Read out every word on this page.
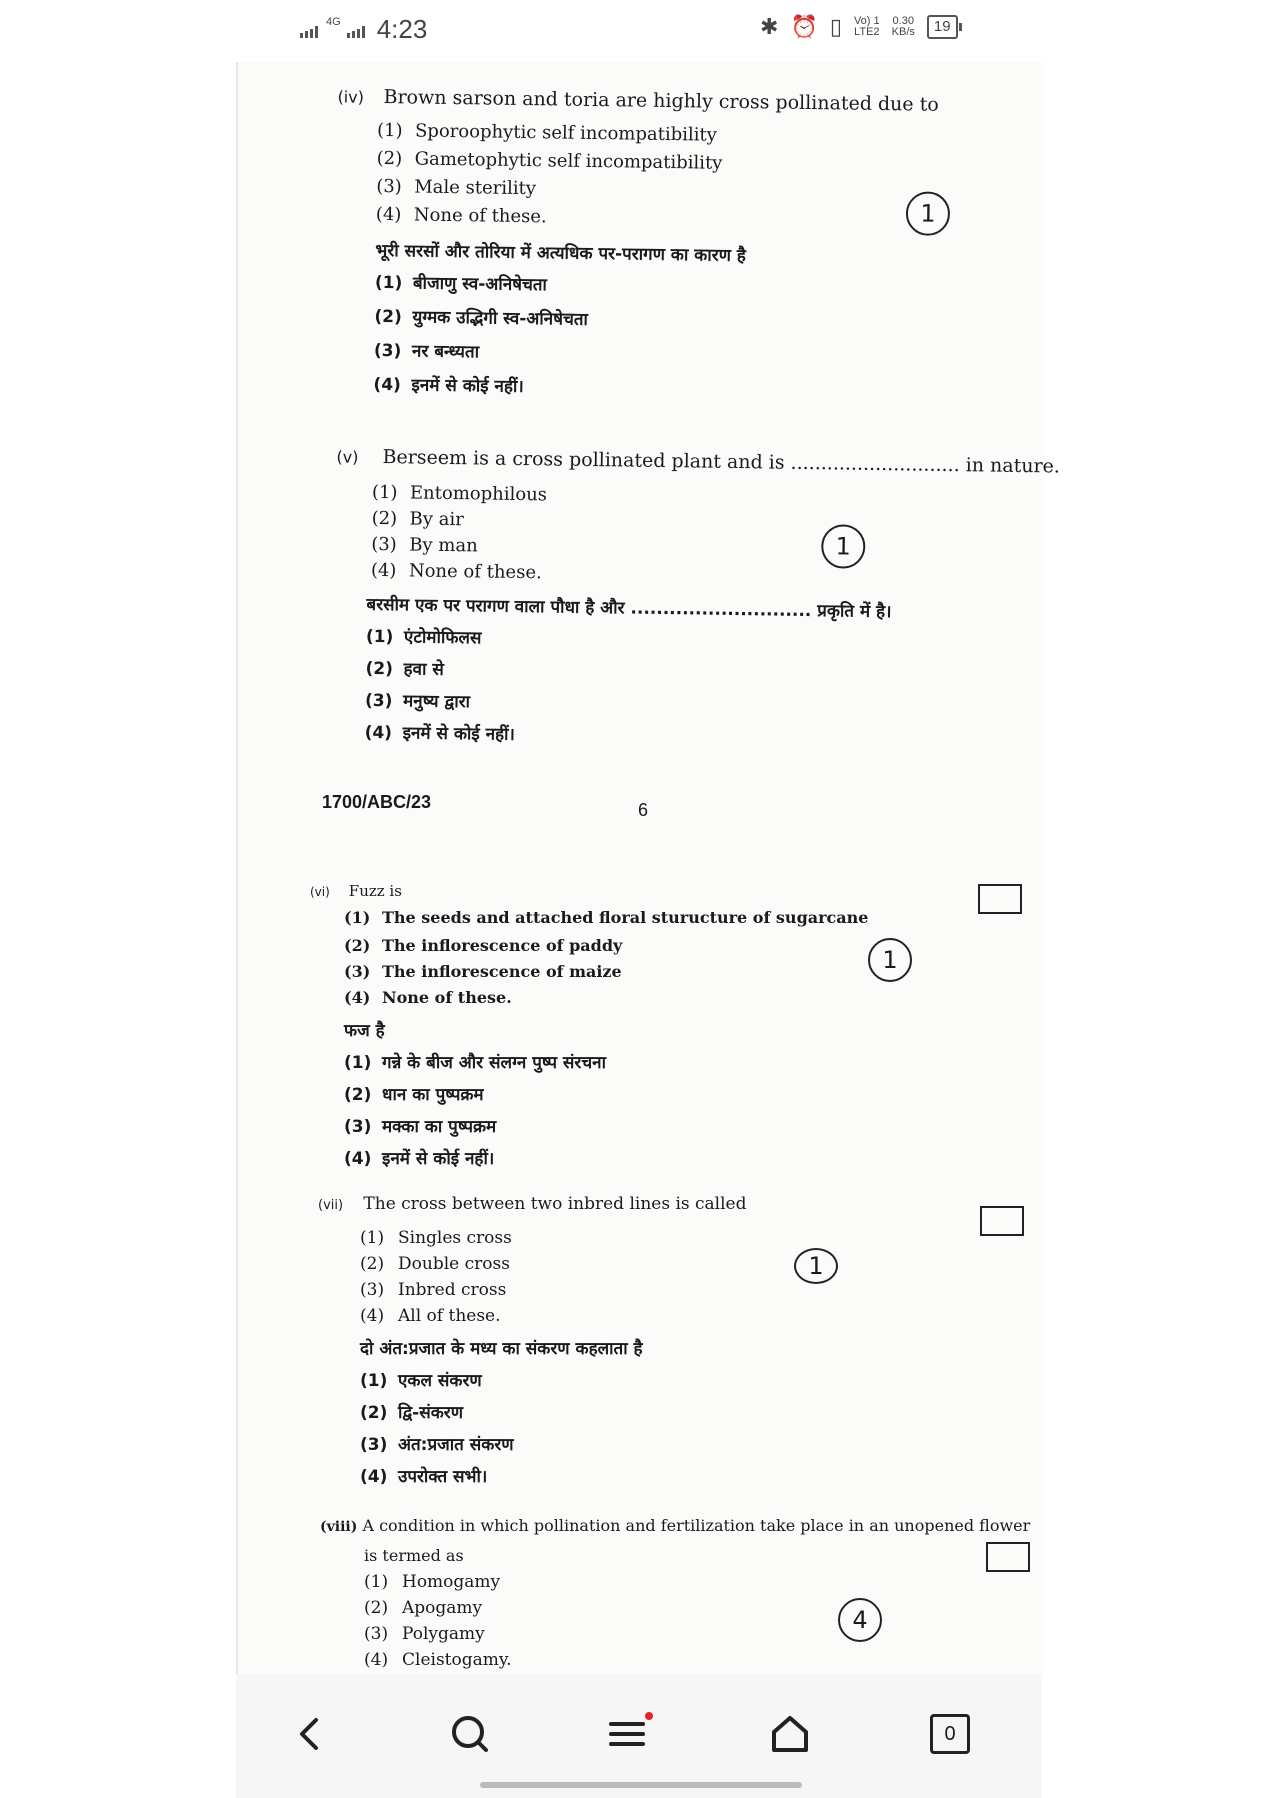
4G 4:23	✱ ⏰ ▯ Vo) 1
LTE2
0.30
KB/s	19
(iv) Brown sarson and toria are highly cross pollinated due to
(1) Sporoophytic self incompatibility
(2) Gametophytic self incompatibility
(3) Male sterility
(4) None of these.	1
भूरी सरसों और तोरिया में अत्यधिक पर-परागण का कारण है
(1) बीजाणु स्व-अनिषेचता
(2) युग्मक उद्भिगी स्व-अनिषेचता
(3) नर बन्ध्यता
(4) इनमें से कोई नहीं।
(v) Berseem is a cross pollinated plant and is ............................ in nature.
(1) Entomophilous
(2) By air
(3) By man
(4) None of these.
1
बरसीम एक पर परागण वाला पौधा है और ............................ प्रकृति में है।
(1) एंटोमोफिलस
(2) हवा से
(3) मनुष्य द्वारा
(4) इनमें से कोई नहीं।
1700/ABC/23	6
(vi) Fuzz is
(1) The seeds and attached floral sturucture of sugarcane
(2) The inflorescence of paddy
(3) The inflorescence of maize
(4) None of these.
1
फज है
(1) गन्ने के बीज और संलग्न पुष्प संरचना
(2) धान का पुष्पक्रम
(3) मक्का का पुष्पक्रम
(4) इनमें से कोई नहीं।
(vii) The cross between two inbred lines is called
(1) Singles cross
(2) Double cross
(3) Inbred cross
(4) All of these.
1
दो अंत:प्रजात के मध्य का संकरण कहलाता है
(1) एकल संकरण
(2) द्वि-संकरण
(3) अंत:प्रजात संकरण
(4) उपरोक्त सभी।
(viii) A condition in which pollination and fertilization take place in an unopened flower
is termed as
(1) Homogamy
(2) Apogamy
(3) Polygamy
(4) Cleistogamy.
4
0
